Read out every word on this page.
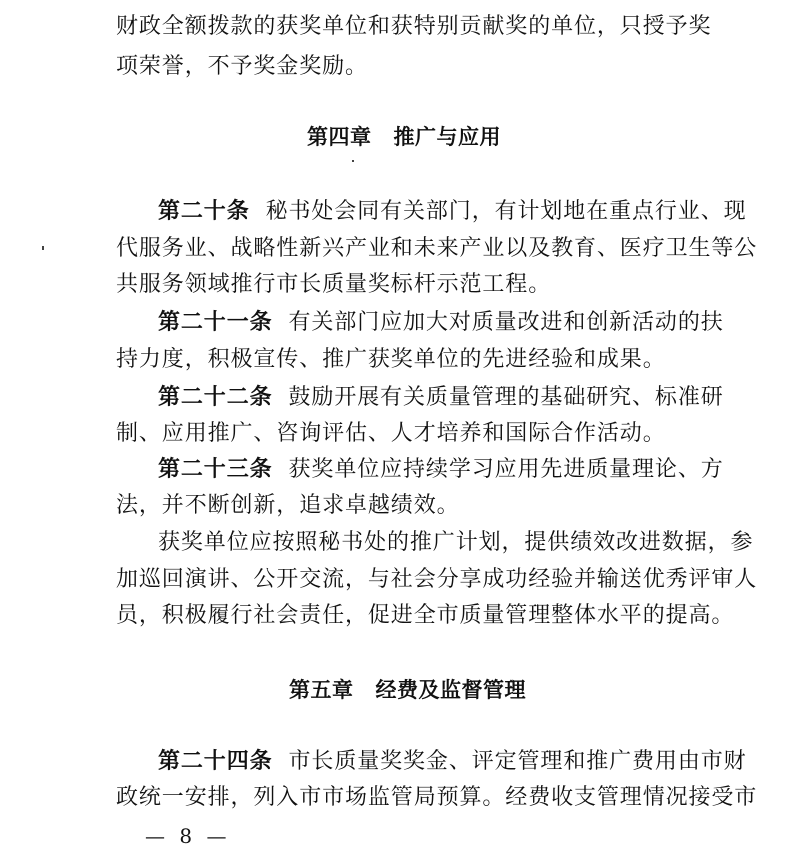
财政全额拨款的获奖单位和获特别贡献奖的单位，只授予奖
项荣誉，不予奖金奖励。
第四章 推广与应用
第二十条 秘书处会同有关部门，有计划地在重点行业、现
代服务业、战略性新兴产业和未来产业以及教育、医疗卫生等公
共服务领域推行市长质量奖标杆示范工程。
第二十一条 有关部门应加大对质量改进和创新活动的扶
持力度，积极宣传、推广获奖单位的先进经验和成果。
第二十二条 鼓励开展有关质量管理的基础研究、标准研
制、应用推广、咨询评估、人才培养和国际合作活动。
第二十三条 获奖单位应持续学习应用先进质量理论、方
法，并不断创新，追求卓越绩效。
获奖单位应按照秘书处的推广计划，提供绩效改进数据，参
加巡回演讲、公开交流，与社会分享成功经验并输送优秀评审人
员，积极履行社会责任，促进全市质量管理整体水平的提高。
第五章 经费及监督管理
第二十四条 市长质量奖奖金、评定管理和推广费用由市财
政统一安排，列入市市场监管局预算。经费收支管理情况接受市
— 8 —
